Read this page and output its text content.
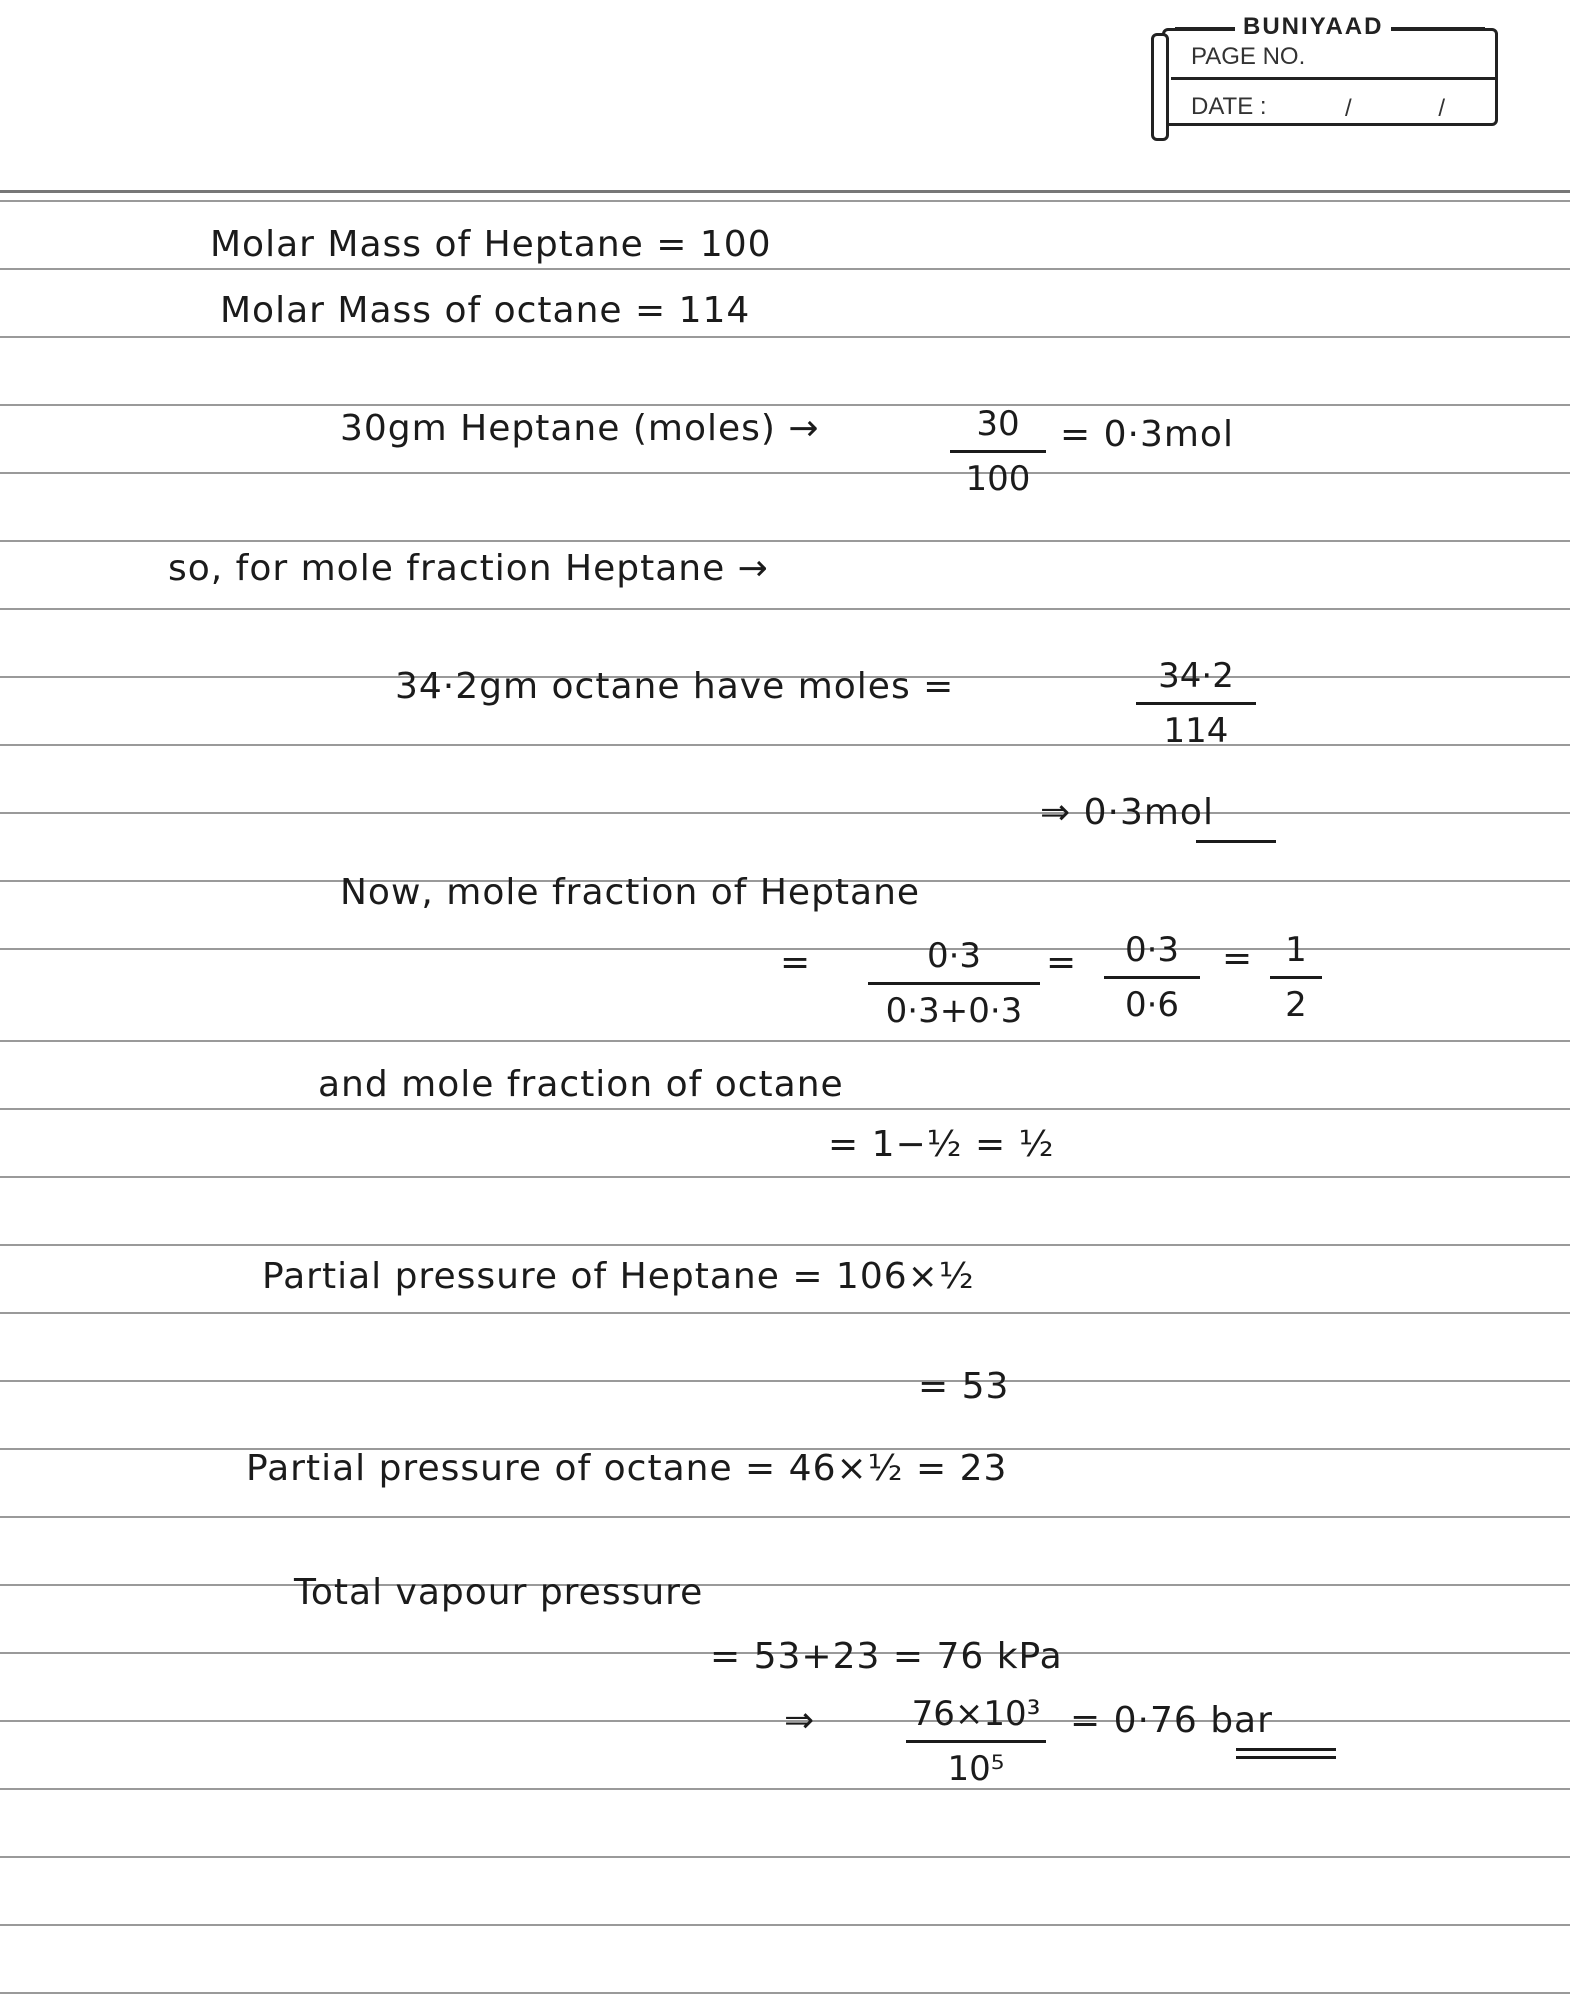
BUNIYAAD
PAGE NO.
DATE :	/ /
Molar Mass of Heptane = 100
Molar Mass of octane = 114
30gm Heptane (moles) →	30
100
= 0·3mol
so, for mole fraction Heptane →
34·2gm octane have moles =	34·2
114
⇒ 0·3mol
Now, mole fraction of Heptane
=	0·3
0·3+0·3
= 0·3
0·6
= 1
2
and mole fraction of octane
= 1−½ = ½
Partial pressure of Heptane = 106×½
= 53
Partial pressure of octane = 46×½ = 23
Total vapour pressure
= 53+23 = 76 kPa
⇒	76×10³
10⁵
= 0·76 bar
